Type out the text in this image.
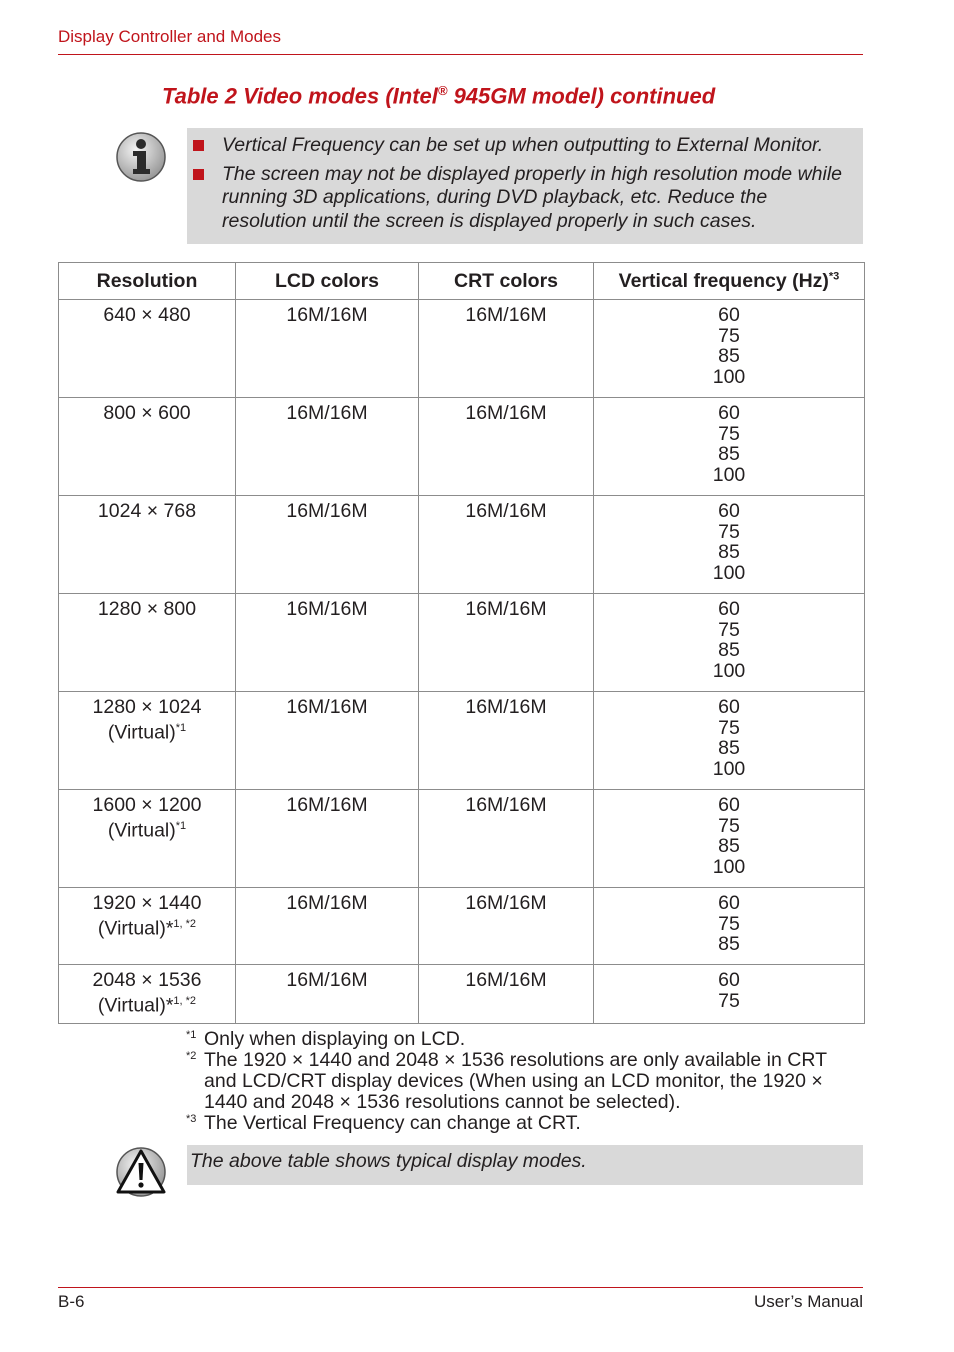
Display Controller and Modes
Table 2 Video modes (Intel® 945GM model) continued
Vertical Frequency can be set up when outputting to External Monitor.
The screen may not be displayed properly in high resolution mode while running 3D applications, during DVD playback, etc. Reduce the resolution until the screen is displayed properly in such cases.
Resolution	LCD colors	CRT colors	Vertical frequency $(Hz)^{*3}$
640 × 480	16M/16M	16M/16M	60
75
85
100

800 × 600	16M/16M	16M/16M	60
75
85
100

1024 × 768	16M/16M	16M/16M	60
75
85
100

1280 × 800	16M/16M	16M/16M	60
75
85
100

1280 × 1024
(Virtual)$^{*1}$	16M/16M	16M/16M	60
75
85
100

1600 × 1200
(Virtual)$^{*1}$	16M/16M	16M/16M	60
75
85
100

1920 × 1440
(Virtual)*$^{1, *2}$	16M/16M	16M/16M	60
75
85

2048 × 1536
(Virtual)*$^{1, *2}$	16M/16M	16M/16M	60
75
*1 Only when displaying on LCD.
*2 The 1920 × 1440 and 2048 × 1536 resolutions are only available in CRT and LCD/CRT display devices (When using an LCD monitor, the 1920 × 1440 and 2048 × 1536 resolutions cannot be selected).
*3 The Vertical Frequency can change at CRT.
The above table shows typical display modes.
B-6	User’s Manual
